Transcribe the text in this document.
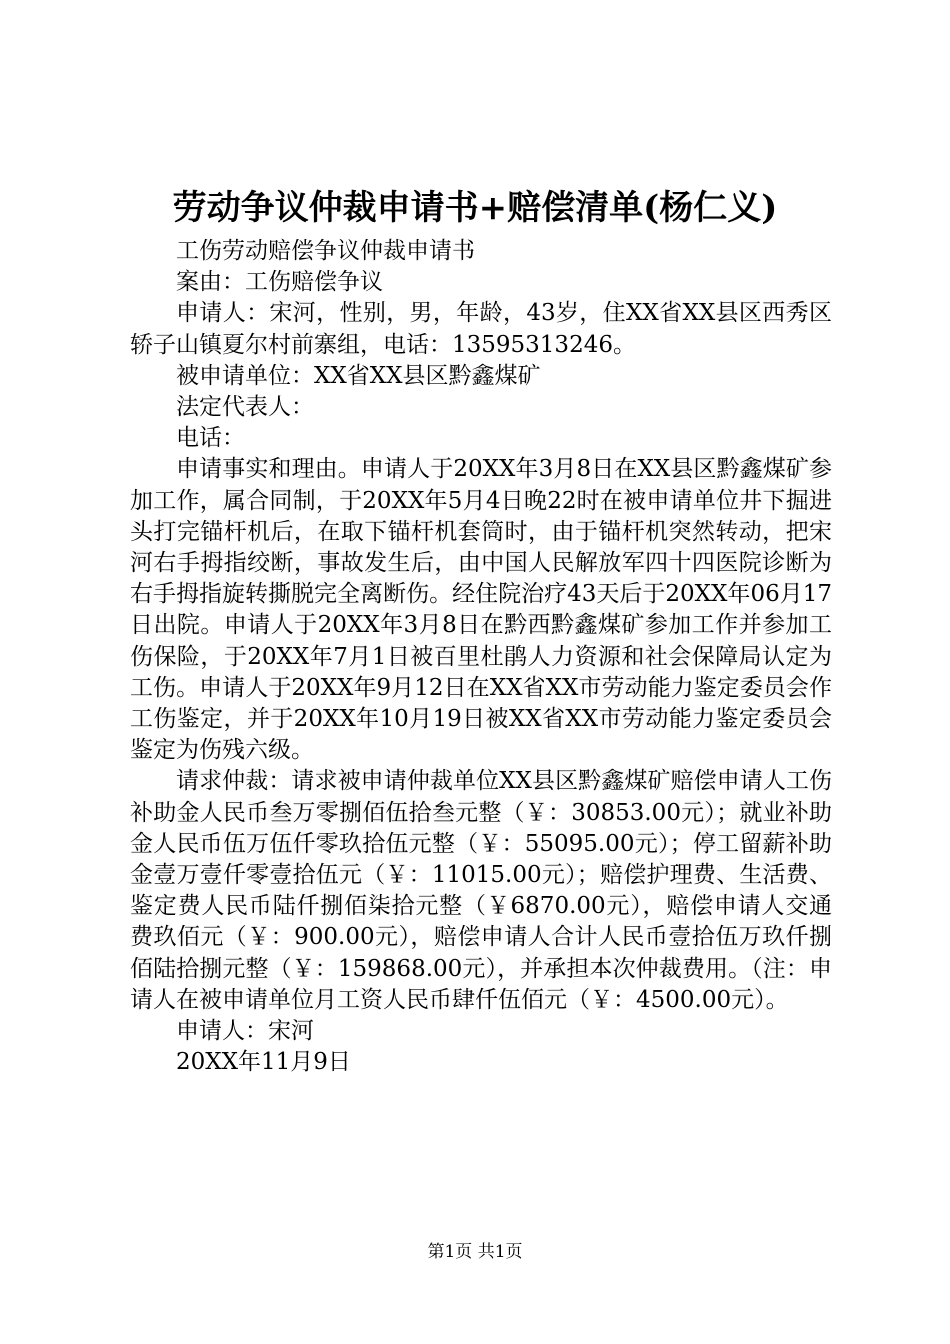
劳动争议仲裁申请书+赔偿清单(杨仁义)

工伤劳动赔偿争议仲裁申请书

案由：工伤赔偿争议

申请人：宋河，性别，男，年龄，43岁，住XX省XX县区西秀区轿子山镇夏尔村前寨组，电话：13595313246。

被申请单位：XX省XX县区黔鑫煤矿

法定代表人：

电话：

申请事实和理由。申请人于20XX年3月8日在XX县区黔鑫煤矿参加工作，属合同制，于20XX年5月4日晚22时在被申请单位井下掘进头打完锚杆机后，在取下锚杆机套筒时，由于锚杆机突然转动，把宋河右手拇指绞断，事故发生后，由中国人民解放军四十四医院诊断为右手拇指旋转撕脱完全离断伤。经住院治疗43天后于20XX年06月17日出院。申请人于20XX年3月8日在黔西黔鑫煤矿参加工作并参加工伤保险，于20XX年7月1日被百里杜鹃人力资源和社会保障局认定为工伤。申请人于20XX年9月12日在XX省XX市劳动能力鉴定委员会作工伤鉴定，并于20XX年10月19日被XX省XX市劳动能力鉴定委员会鉴定为伤残六级。

请求仲裁：请求被申请仲裁单位XX县区黔鑫煤矿赔偿申请人工伤补助金人民币叁万零捌佰伍拾叁元整（￥：30853.00元）；就业补助金人民币伍万伍仟零玖拾伍元整（￥：55095.00元）；停工留薪补助金壹万壹仟零壹拾伍元（￥：11015.00元）；赔偿护理费、生活费、鉴定费人民币陆仟捌佰柒拾元整（￥6870.00元），赔偿申请人交通费玖佰元（￥：900.00元），赔偿申请人合计人民币壹拾伍万玖仟捌佰陆拾捌元整（￥：159868.00元），并承担本次仲裁费用。（注：申请人在被申请单位月工资人民币肆仟伍佰元（￥：4500.00元）。

申请人：宋河

20XX年11月9日

第1页 共1页
